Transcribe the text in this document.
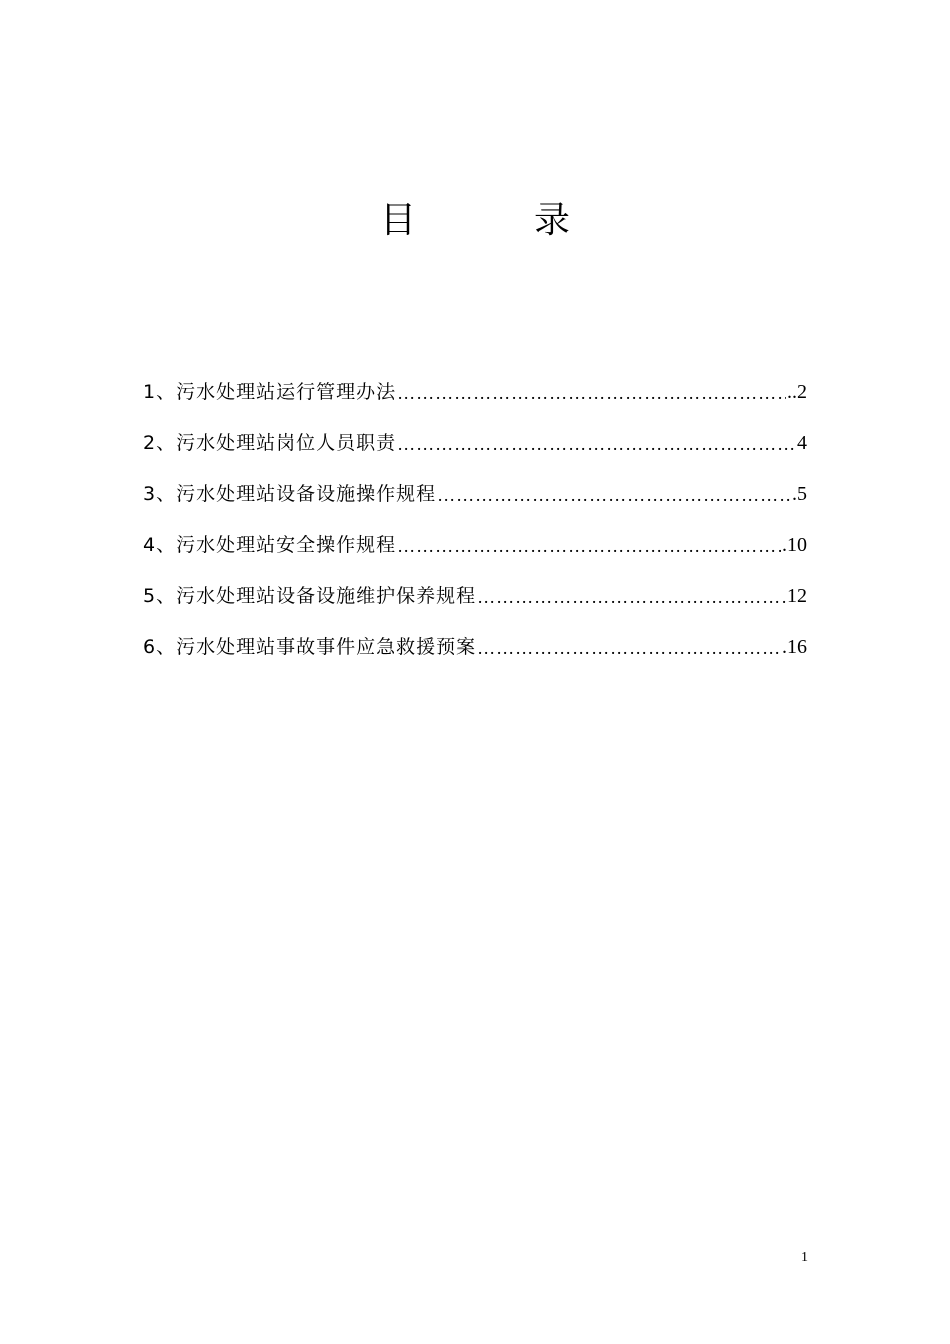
目	录
1、污水处理站运行管理办法 ……………………………………………………………………………………………………………	..2
2、污水处理站岗位人员职责 ……………………………………………………………………………………………………………	4
3、污水处理站设备设施操作规程 ……………………………………………………………………………………………………………	.5
4、污水处理站安全操作规程 ……………………………………………………………………………………………………………	.10
5、污水处理站设备设施维护保养规程 ……………………………………………………………………………………………………………	12
6、污水处理站事故事件应急救援预案 ……………………………………………………………………………………………………………	.16
1
